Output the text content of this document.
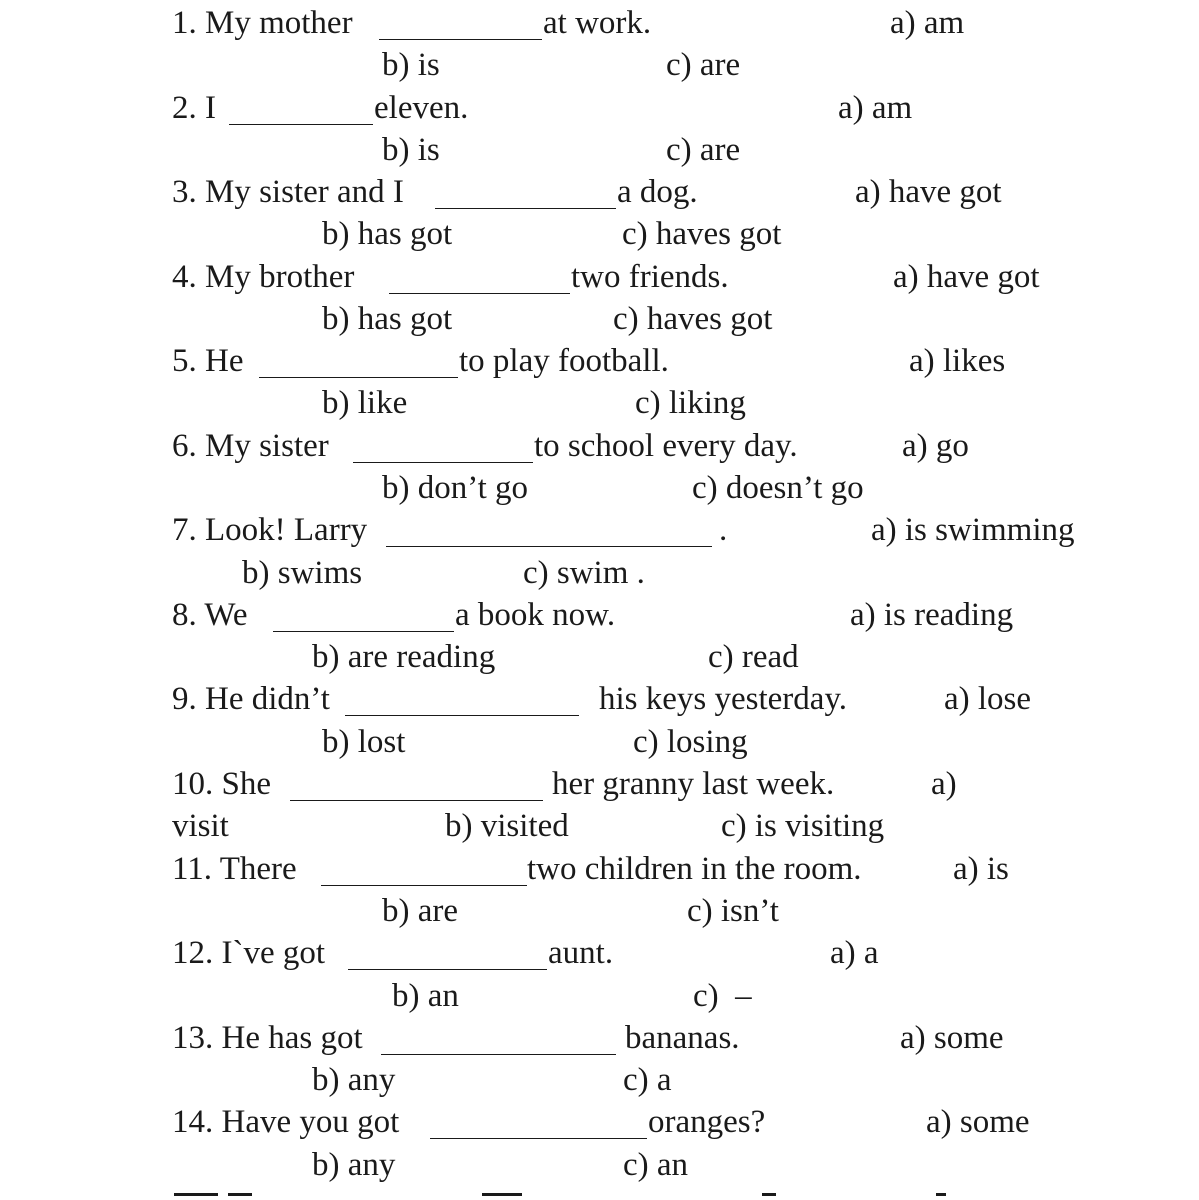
1. My mother	at work.	a) am
b) is	c) are
2. I	eleven.	a) am
b) is	c) are
3. My sister and I	a dog.	a) have got
b) has got	c) haves got
4. My brother	two friends.	a) have got
b) has got	c) haves got
5. He	to play football.	a) likes
b) like	c) liking
6. My sister	to school every day.	a) go
b) don’t go	c) doesn’t go
7. Look! Larry	.	a) is swimming
b) swims	c) swim .
8. We	a book now.	a) is reading
b) are reading	c) read
9. He didn’t	his keys yesterday.	a) lose
b) lost	c) losing
10. She	her granny last week.	a)
visit	b) visited	c) is visiting
11. There	two children in the room.	a) is
b) are	c) isn’t
12. I`ve got	aunt.	a) a
b) an	c)  –
13. He has got	bananas.	a) some
b) any	c) a
14. Have you got	oranges?	a) some
b) any	c) an
